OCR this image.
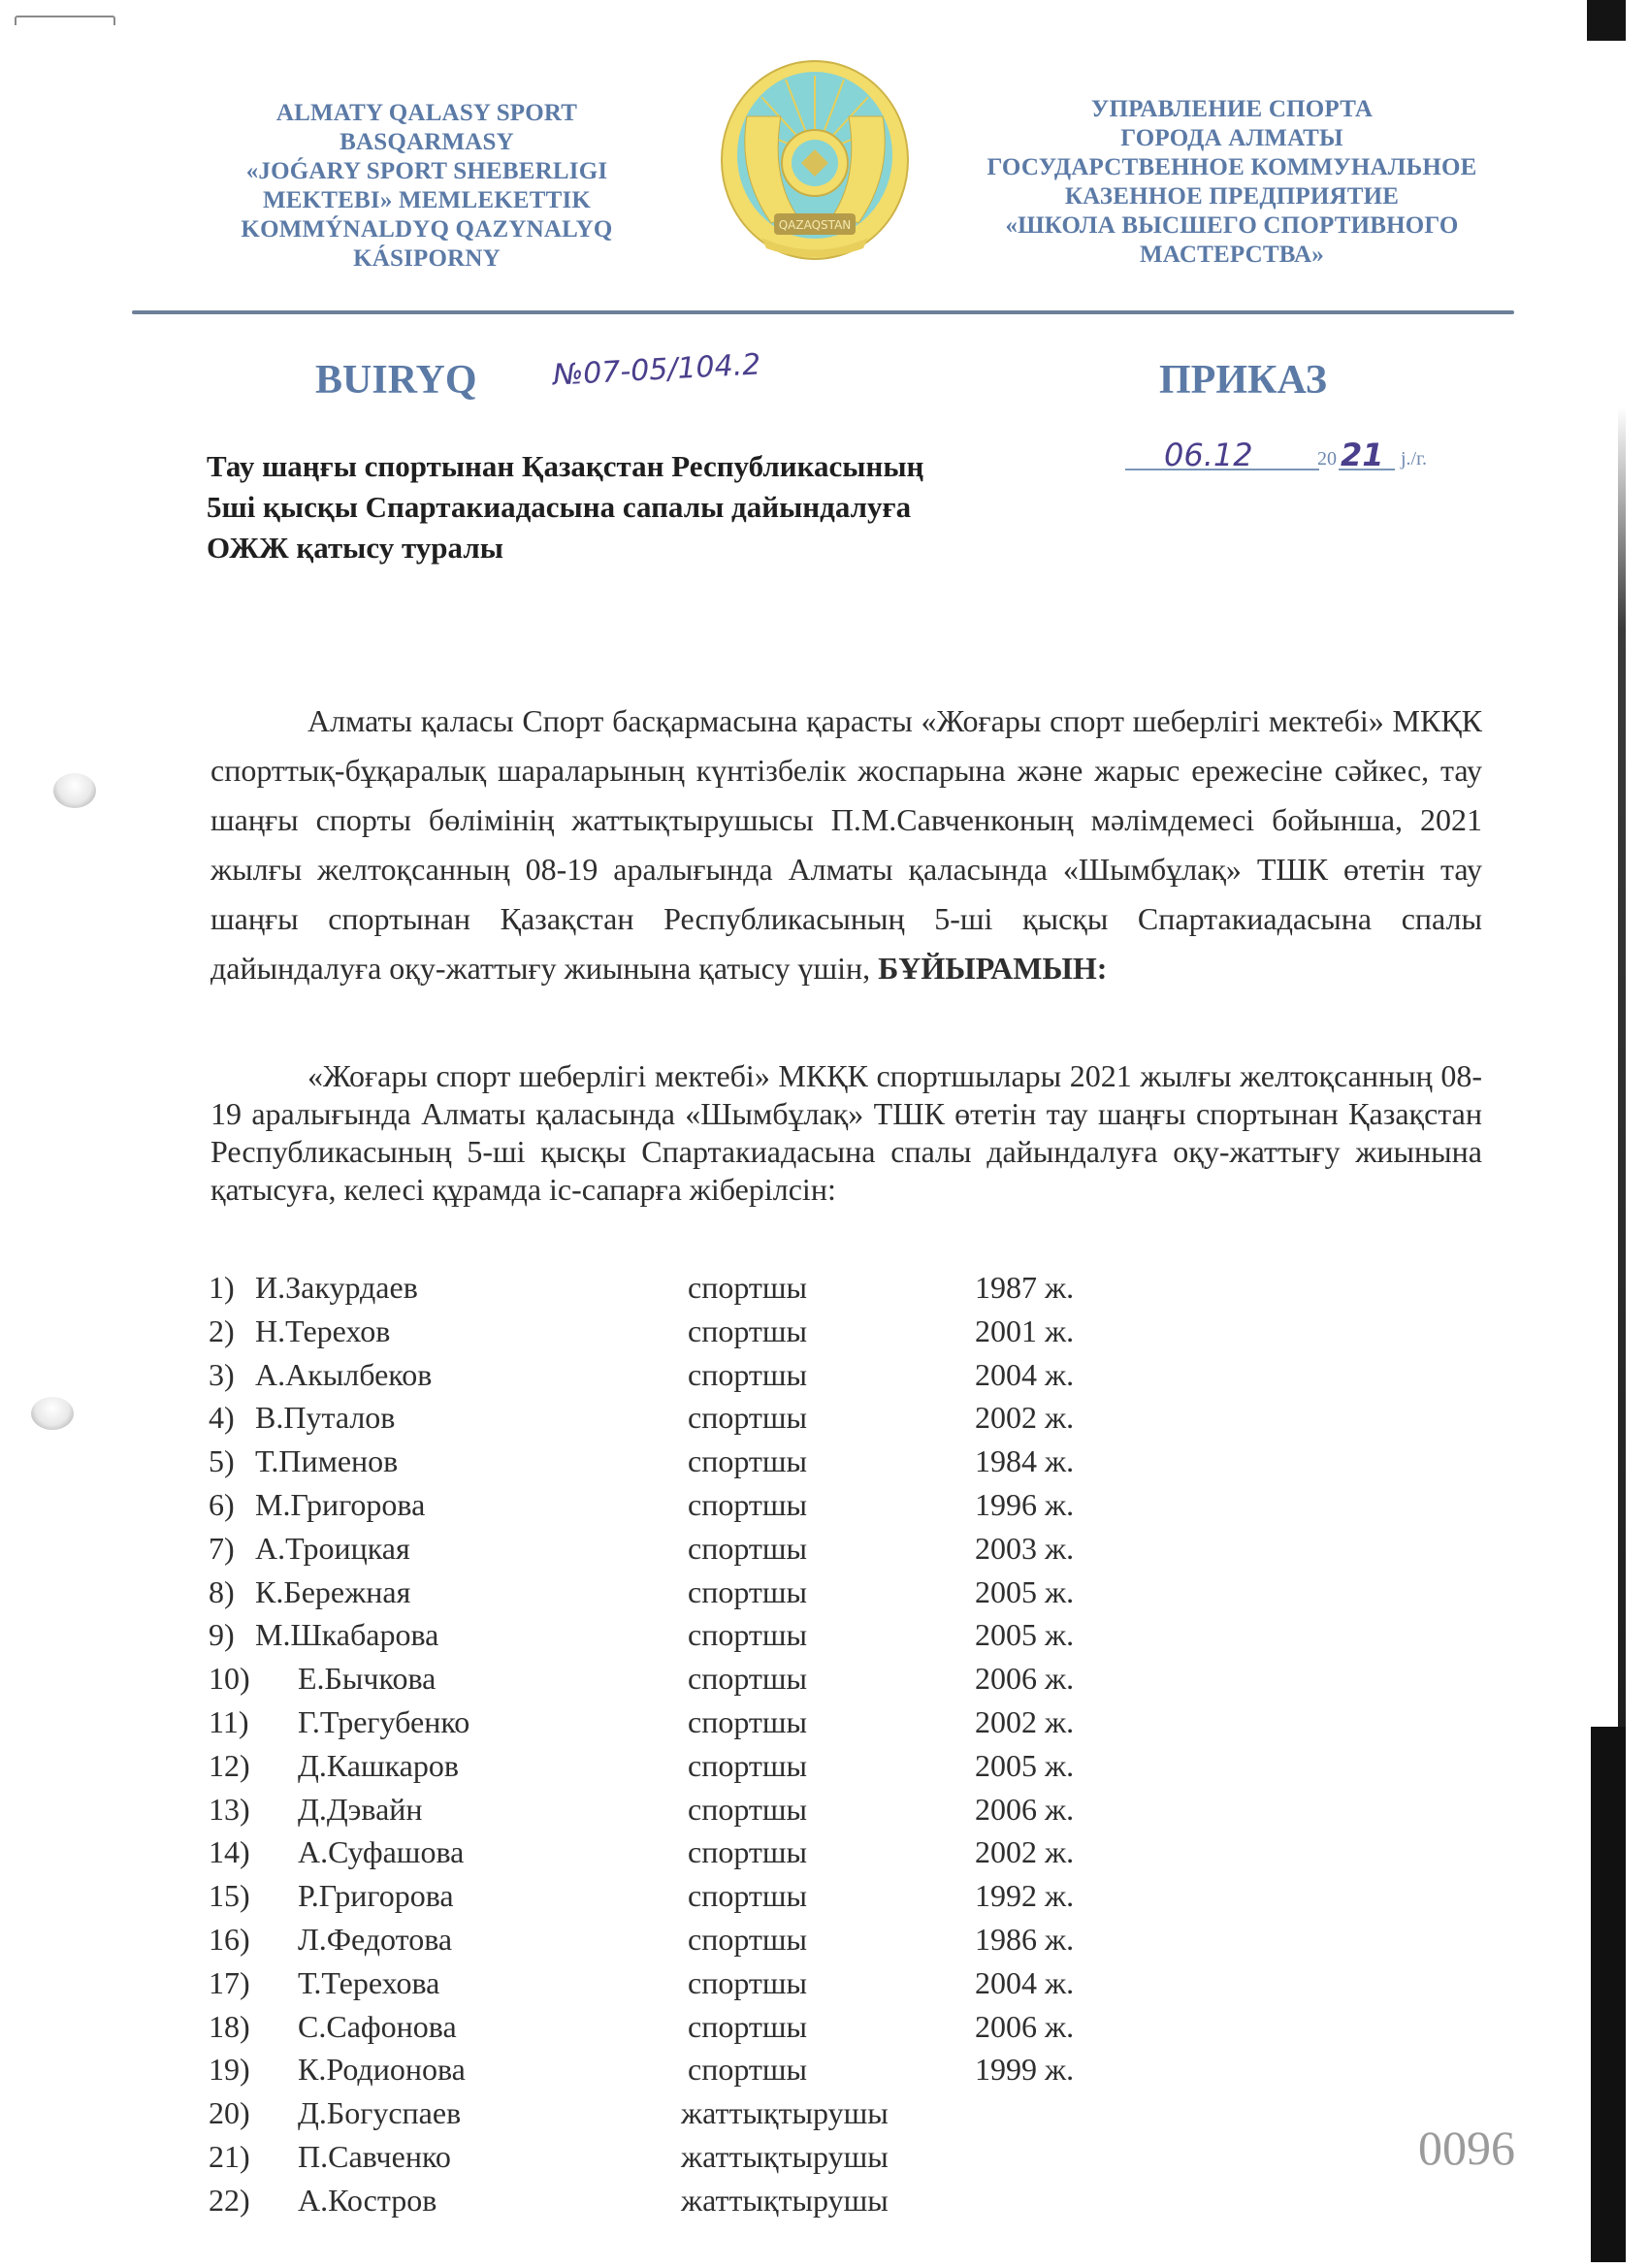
ALMATY QALASY SPORT
BASQARMASY
«JOǴARY SPORT SHEBERLIGI
MEKTEBI» MEMLEKETTIK
KOMMÝNALDYQ QAZYNALYQ
KÁSIPORNY
QAZAQSTAN
УПРАВЛЕНИЕ СПОРТА
ГОРОДА АЛМАТЫ
ГОСУДАРСТВЕННОЕ КОММУНАЛЬНОЕ
КАЗЕННОЕ ПРЕДПРИЯТИЕ
«ШКОЛА ВЫСШЕГО СПОРТИВНОГО
МАСТЕРСТВА»
BUIRYQ	№07-05/104.2	ПРИКАЗ
06.12	20 21 j./г.
Тау шаңғы спортынан Қазақстан Республикасының
5ші қысқы Спартакиадасына сапалы дайындалуға
ОЖЖ қатысу туралы
Алматы қаласы Спорт басқармасына қарасты «Жоғары спорт шеберлігі мектебі» МКҚК спорттық-бұқаралық шараларының күнтізбелік жоспарына және жарыс ережесіне сәйкес, тау шаңғы спорты бөлімінің жаттықтырушысы П.М.Савченконың мәлімдемесі бойынша, 2021 жылғы желтоқсанның 08-19 аралығында Алматы қаласында «Шымбұлақ» ТШК өтетін тау шаңғы спортынан Қазақстан Республикасының 5-ші қысқы Спартакиадасына спалы дайындалуға оқу-жаттығу жиынына қатысу үшін, БҰЙЫРАМЫН:
«Жоғары спорт шеберлігі мектебі» МКҚК спортшылары 2021 жылғы желтоқсанның 08-19 аралығында Алматы қаласында «Шымбұлақ» ТШК өтетін тау шаңғы спортынан Қазақстан Республикасының 5-ші қысқы Спартакиадасына спалы дайындалуға оқу-жаттығу жиынына қатысуға, келесі құрамда іс-сапарға жіберілсін:
1) И.Закурдаев	спортшы	1987 ж.
2) Н.Терехов	спортшы	2001 ж.
3) А.Акылбеков	спортшы	2004 ж.
4) В.Путалов	спортшы	2002 ж.
5) Т.Пименов	спортшы	1984 ж.
6) М.Григорова	спортшы	1996 ж.
7) А.Троицкая	спортшы	2003 ж.
8) К.Бережная	спортшы	2005 ж.
9) М.Шкабарова	спортшы	2005 ж.
10) Е.Бычкова	спортшы	2006 ж.
11) Г.Трегубенко	спортшы	2002 ж.
12) Д.Кашкаров	спортшы	2005 ж.
13) Д.Дэвайн	спортшы	2006 ж.
14) А.Суфашова	спортшы	2002 ж.
15) Р.Григорова	спортшы	1992 ж.
16) Л.Федотова	спортшы	1986 ж.
17) Т.Терехова	спортшы	2004 ж.
18) С.Сафонова	спортшы	2006 ж.
19) К.Родионова	спортшы	1999 ж.
20) Д.Богуспаев	жаттықтырушы
21) П.Савченко	жаттықтырушы
22) А.Костров	жаттықтырушы
0096
